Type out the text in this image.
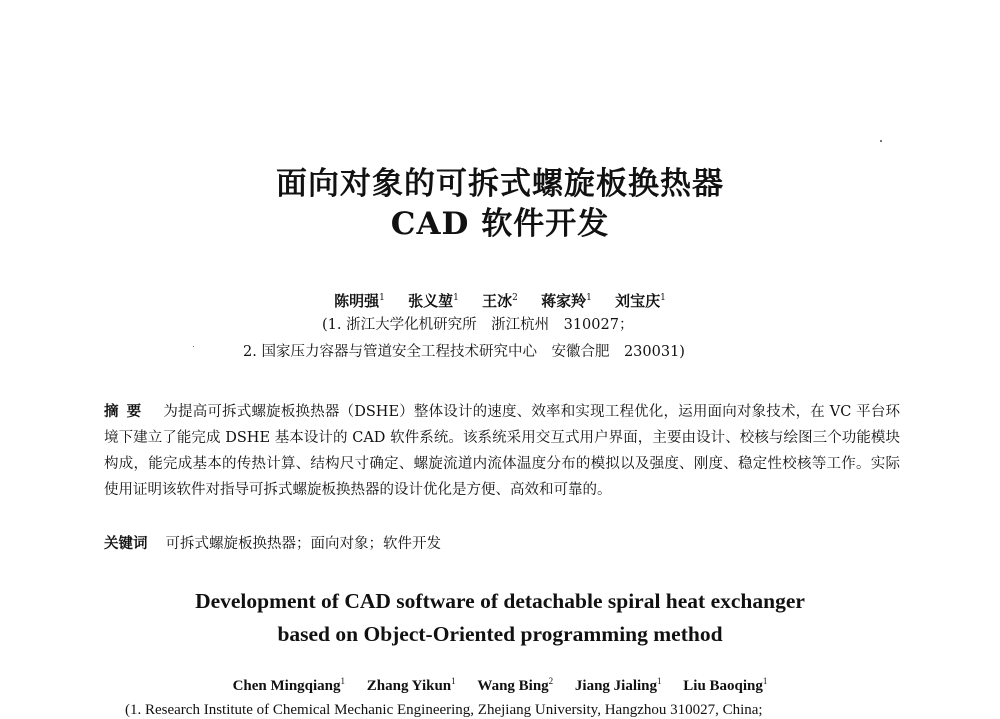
面向对象的可拆式螺旋板换热器
CAD 软件开发
陈明强$^1$ 张义堃$^1$ 王冰$^2$ 蒋家羚$^1$ 刘宝庆$^1$
(1. 浙江大学化机研究所　浙江杭州　310027；
2. 国家压力容器与管道安全工程技术研究中心　安徽合肥　230031)
摘要 为提高可拆式螺旋板换热器（DSHE）整体设计的速度、效率和实现工程优化，运用面向对象技术，在 VC 平台环境下建立了能完成 DSHE 基本设计的 CAD 软件系统。该系统采用交互式用户界面，主要由设计、校核与绘图三个功能模块构成，能完成基本的传热计算、结构尺寸确定、螺旋流道内流体温度分布的模拟以及强度、刚度、稳定性校核等工作。实际使用证明该软件对指导可拆式螺旋板换热器的设计优化是方便、高效和可靠的。
关键词 可拆式螺旋板换热器；面向对象；软件开发
Development of CAD software of detachable spiral heat exchanger
based on Object-Oriented programming method
Chen Mingqiang$^1$ Zhang Yikun$^1$ Wang Bing$^2$ Jiang Jialing$^1$ Liu Baoqing$^1$
(1. Research Institute of Chemical Mechanic Engineering, Zhejiang University, Hangzhou 310027, China;
